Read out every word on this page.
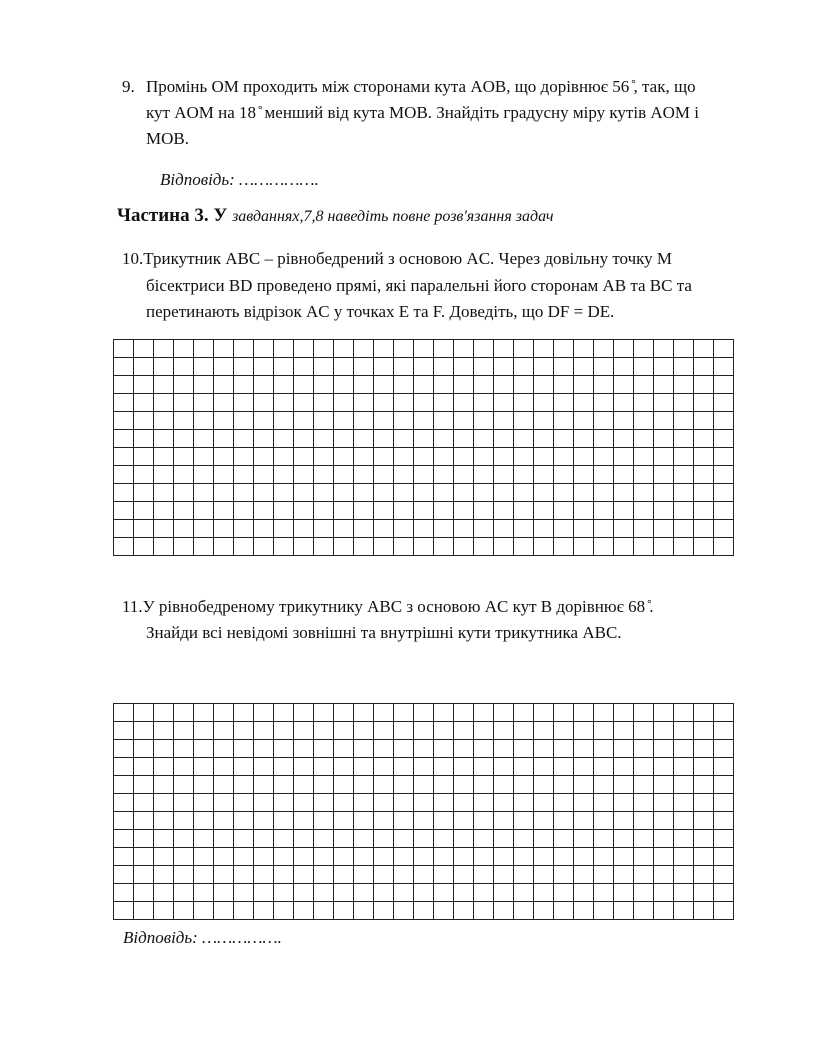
9. Промінь OM проходить між сторонами кута AOB, що дорівнює 56 ̊, так, що
кут AOM на 18 ̊ менший від кута MOB. Знайдіть градусну міру кутів AOM і
MOB.
Відповідь: …………….
Частина 3. У завданнях,7,8 наведіть повне розв'язання задач
10.Трикутник ABC – рівнобедрений з основою AC. Через довільну точку M
бісектриси BD проведено прямі, які паралельні його сторонам AB та BC та
перетинають відрізок AC у точках E та F. Доведіть, що DF = DE.

11.У рівнобедреному трикутнику ABC з основою AC кут B дорівнює 68 ̊.
Знайди всі невідомі зовнішні та внутрішні кути трикутника ABC.

Відповідь: …………….
